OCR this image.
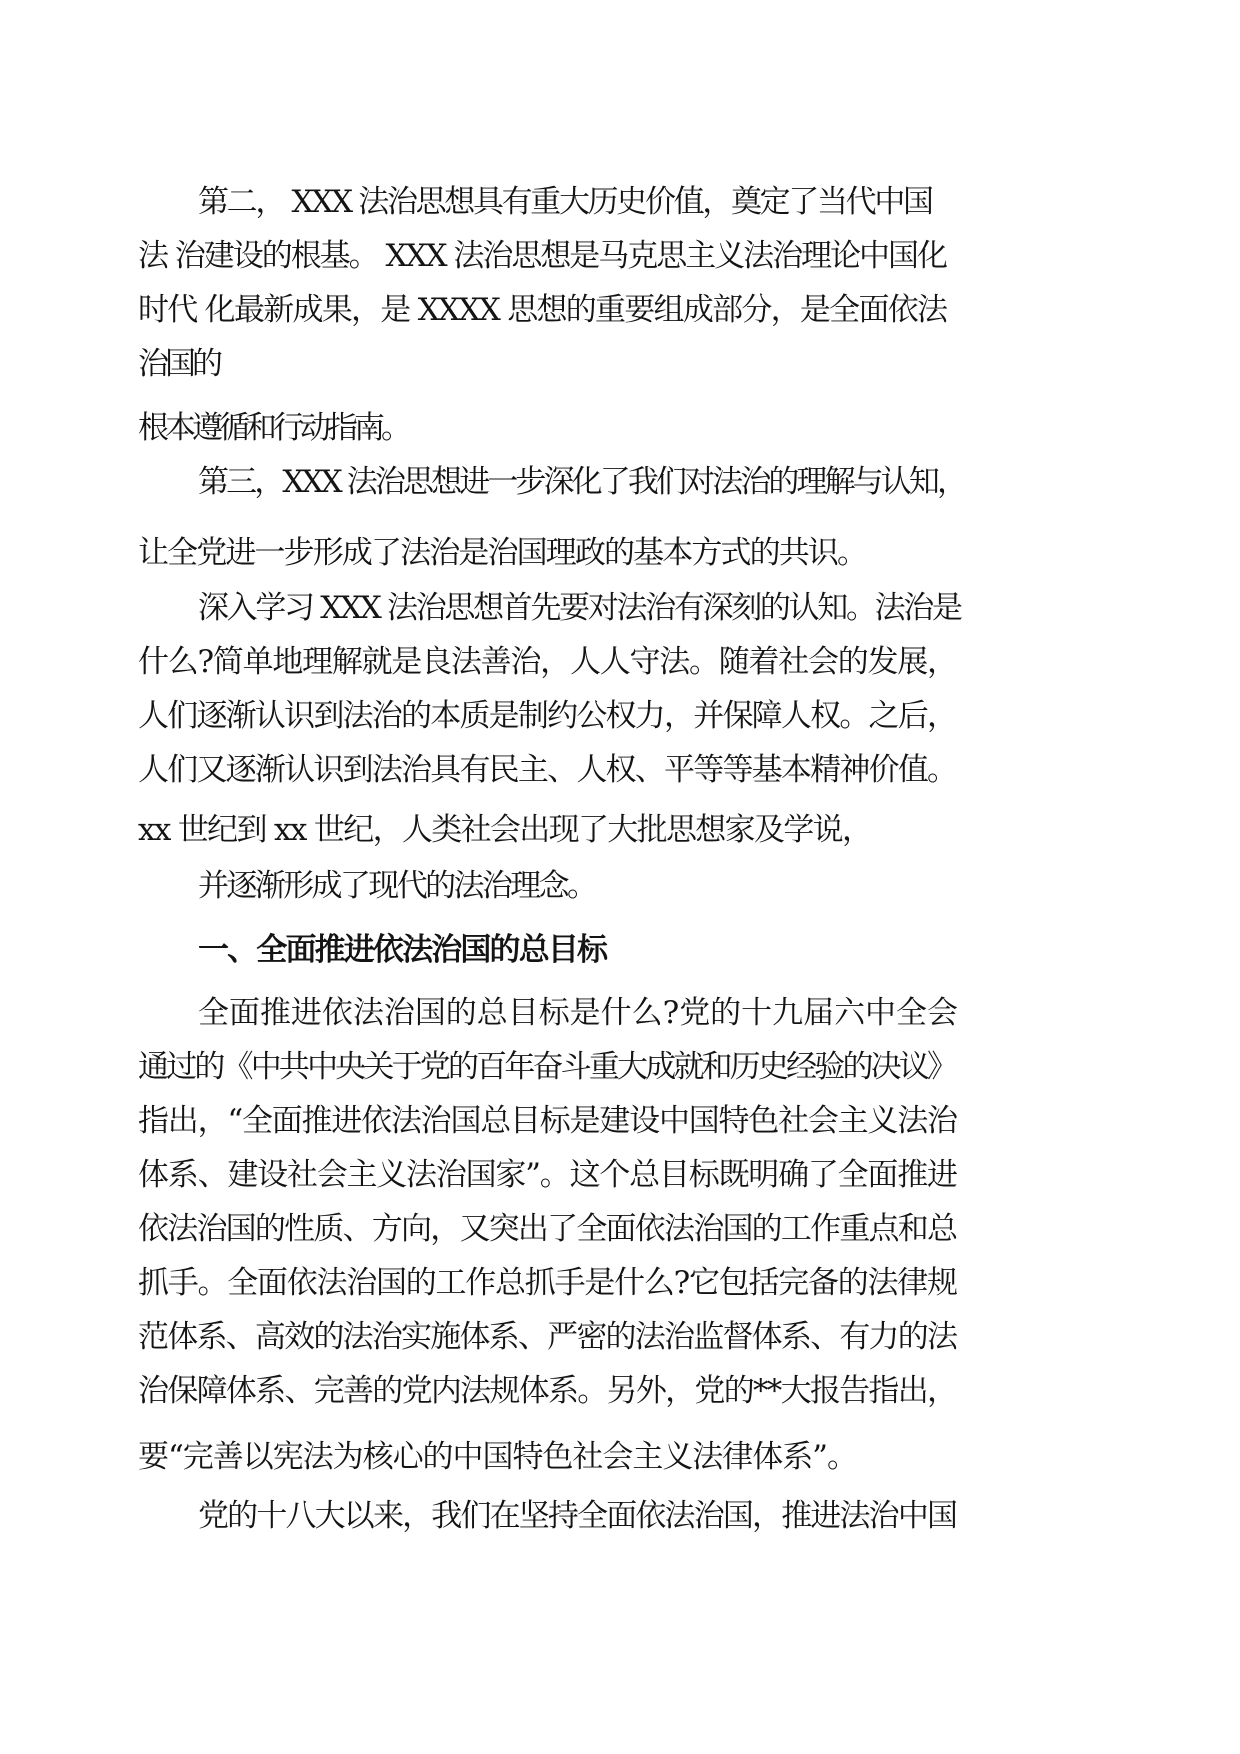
第二， XXX 法治思想具有重大历史价值，奠定了当代中国

法 治建设的根基。 XXX 法治思想是马克思主义法治理论中国化

时代 化最新成果，是 XXXX 思想的重要组成部分，是全面依法

治国的

根本遵循和行动指南。

第三，XXX 法治思想进一步深化了我们对法治的理解与认知，

让全党进一步形成了法治是治国理政的基本方式的共识。

深入学习 XXX 法治思想首先要对法治有深刻的认知。法治是

什么?简单地理解就是良法善治，人人守法。随着社会的发展，

人们逐渐认识到法治的本质是制约公权力，并保障人权。之后，

人们又逐渐认识到法治具有民主、人权、平等等基本精神价值。

xx 世纪到 xx 世纪，人类社会出现了大批思想家及学说，

并逐渐形成了现代的法治理念。

一、全面推进依法治国的总目标

全面推进依法治国的总目标是什么?党的十九届六中全会

通过的《中共中央关于党的百年奋斗重大成就和历史经验的决议》

指出，“全面推进依法治国总目标是建设中国特色社会主义法治

体系、建设社会主义法治国家”。这个总目标既明确了全面推进

依法治国的性质、方向，又突出了全面依法治国的工作重点和总

抓手。全面依法治国的工作总抓手是什么?它包括完备的法律规

范体系、高效的法治实施体系、严密的法治监督体系、有力的法

治保障体系、完善的党内法规体系。另外，党的**大报告指出，

要“完善以宪法为核心的中国特色社会主义法律体系”。

党的十八大以来，我们在坚持全面依法治国，推进法治中国
